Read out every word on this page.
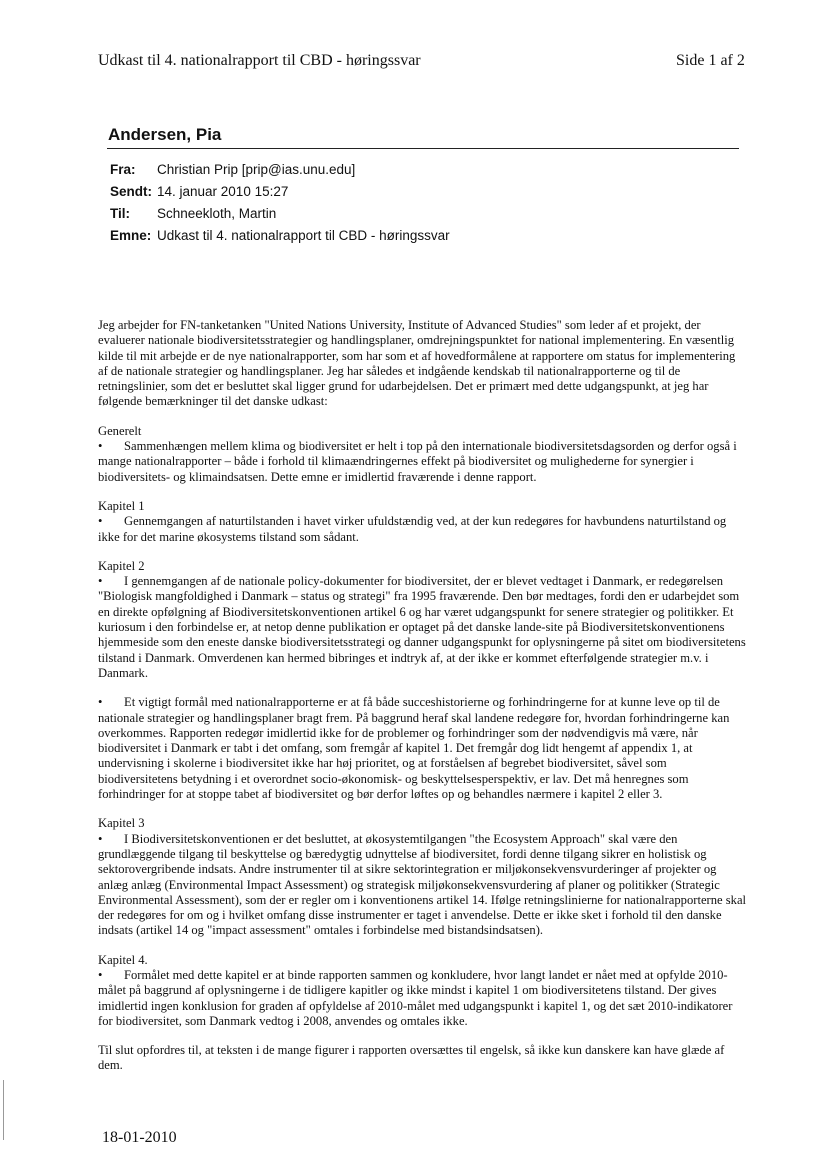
Udkast til 4. nationalrapport til CBD - høringssvar	Side 1 af 2
Andersen, Pia
Fra:	Christian Prip [prip@ias.unu.edu]
Sendt: 14. januar 2010 15:27
Til:	Schneekloth, Martin
Emne: Udkast til 4. nationalrapport til CBD - høringssvar

Jeg arbejder for FN-tanketanken "United Nations University, Institute of Advanced Studies" som leder af et projekt, der evaluerer nationale biodiversitetsstrategier og handlingsplaner, omdrejningspunktet for national implementering. En væsentlig kilde til mit arbejde er de nye nationalrapporter, som har som et af hovedformålene at rapportere om status for implementering af de nationale strategier og handlingsplaner. Jeg har således et indgående kendskab til nationalrapporterne og til de retningslinier, som det er besluttet skal ligger grund for udarbejdelsen. Det er primært med dette udgangspunkt, at jeg har følgende bemærkninger til det danske udkast:

Generelt

• Sammenhængen mellem klima og biodiversitet er helt i top på den internationale biodiversitetsdagsorden og derfor også i mange nationalrapporter – både i forhold til klimaændringernes effekt på biodiversitet og mulighederne for synergier i biodiversitets- og klimaindsatsen. Dette emne er imidlertid fraværende i denne rapport.

Kapitel 1

• Gennemgangen af naturtilstanden i havet virker ufuldstændig ved, at der kun redegøres for havbundens naturtilstand og ikke for det marine økosystems tilstand som sådant.

Kapitel 2

• I gennemgangen af de nationale policy-dokumenter for biodiversitet, der er blevet vedtaget i Danmark, er redegørelsen "Biologisk mangfoldighed i Danmark – status og strategi" fra 1995 fraværende. Den bør medtages, fordi den er udarbejdet som en direkte opfølgning af Biodiversitetskonventionen artikel 6 og har været udgangspunkt for senere strategier og politikker. Et kuriosum i den forbindelse er, at netop denne publikation er optaget på det danske lande-site på Biodiversitetskonventionens hjemmeside som den eneste danske biodiversitetsstrategi og danner udgangspunkt for oplysningerne på sitet om biodiversitetens tilstand i Danmark. Omverdenen kan hermed bibringes et indtryk af, at der ikke er kommet efterfølgende strategier m.v. i Danmark.

• Et vigtigt formål med nationalrapporterne er at få både succeshistorierne og forhindringerne for at kunne leve op til de nationale strategier og handlingsplaner bragt frem. På baggrund heraf skal landene redegøre for, hvordan forhindringerne kan overkommes. Rapporten redegør imidlertid ikke for de problemer og forhindringer som der nødvendigvis må være, når biodiversitet i Danmark er tabt i det omfang, som fremgår af kapitel 1. Det fremgår dog lidt hengemt af appendix 1, at undervisning i skolerne i biodiversitet ikke har høj prioritet, og at forståelsen af begrebet biodiversitet, såvel som biodiversitetens betydning i et overordnet socio-økonomisk- og beskyttelsesperspektiv, er lav. Det må henregnes som forhindringer for at stoppe tabet af biodiversitet og bør derfor løftes op og behandles nærmere i kapitel 2 eller 3.

Kapitel 3

• I Biodiversitetskonventionen er det besluttet, at økosystemtilgangen "the Ecosystem Approach" skal være den grundlæggende tilgang til beskyttelse og bæredygtig udnyttelse af biodiversitet, fordi denne tilgang sikrer en holistisk og sektorovergribende indsats. Andre instrumenter til at sikre sektorintegration er miljøkonsekvensvurderinger af projekter og anlæg anlæg (Environmental Impact Assessment) og strategisk miljøkonsekvensvurdering af planer og politikker (Strategic Environmental Assessment), som der er regler om i konventionens artikel 14. Ifølge retningslinierne for nationalrapporterne skal der redegøres for om og i hvilket omfang disse instrumenter er taget i anvendelse. Dette er ikke sket i forhold til den danske indsats (artikel 14 og "impact assessment" omtales i forbindelse med bistandsindsatsen).

Kapitel 4.

• Formålet med dette kapitel er at binde rapporten sammen og konkludere, hvor langt landet er nået med at opfylde 2010-målet på baggrund af oplysningerne i de tidligere kapitler og ikke mindst i kapitel 1 om biodiversitetens tilstand. Der gives imidlertid ingen konklusion for graden af opfyldelse af 2010-målet med udgangspunkt i kapitel 1, og det sæt 2010-indikatorer for biodiversitet, som Danmark vedtog i 2008, anvendes og omtales ikke.

Til slut opfordres til, at teksten i de mange figurer i rapporten oversættes til engelsk, så ikke kun danskere kan have glæde af dem.

18-01-2010
